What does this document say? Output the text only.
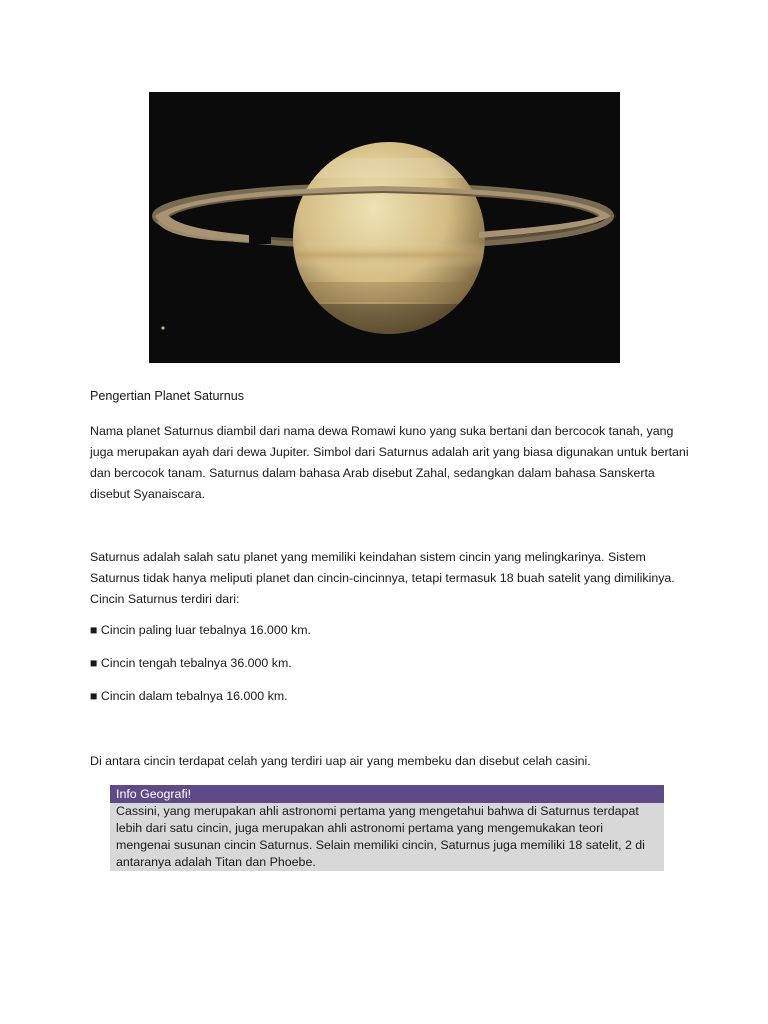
Pengertian Planet Saturnus

Nama planet Saturnus diambil dari nama dewa Romawi kuno yang suka bertani dan bercocok tanah, yang juga merupakan ayah dari dewa Jupiter. Simbol dari Saturnus adalah arit yang biasa digunakan untuk bertani dan bercocok tanam. Saturnus dalam bahasa Arab disebut Zahal, sedangkan dalam bahasa Sanskerta disebut Syanaiscara.

Saturnus adalah salah satu planet yang memiliki keindahan sistem cincin yang melingkarinya. Sistem Saturnus tidak hanya meliputi planet dan cincin-cincinnya, tetapi termasuk 18 buah satelit yang dimilikinya. Cincin Saturnus terdiri dari:

■ Cincin paling luar tebalnya 16.000 km.

■ Cincin tengah tebalnya 36.000 km.

■ Cincin dalam tebalnya 16.000 km.

Di antara cincin terdapat celah yang terdiri uap air yang membeku dan disebut celah casini.

Info Geografi!
Cassini, yang merupakan ahli astronomi pertama yang mengetahui bahwa di Saturnus terdapat lebih dari satu cincin, juga merupakan ahli astronomi pertama yang mengemukakan teori mengenai susunan cincin Saturnus. Selain memiliki cincin, Saturnus juga memiliki 18 satelit, 2 di antaranya adalah Titan dan Phoebe.
